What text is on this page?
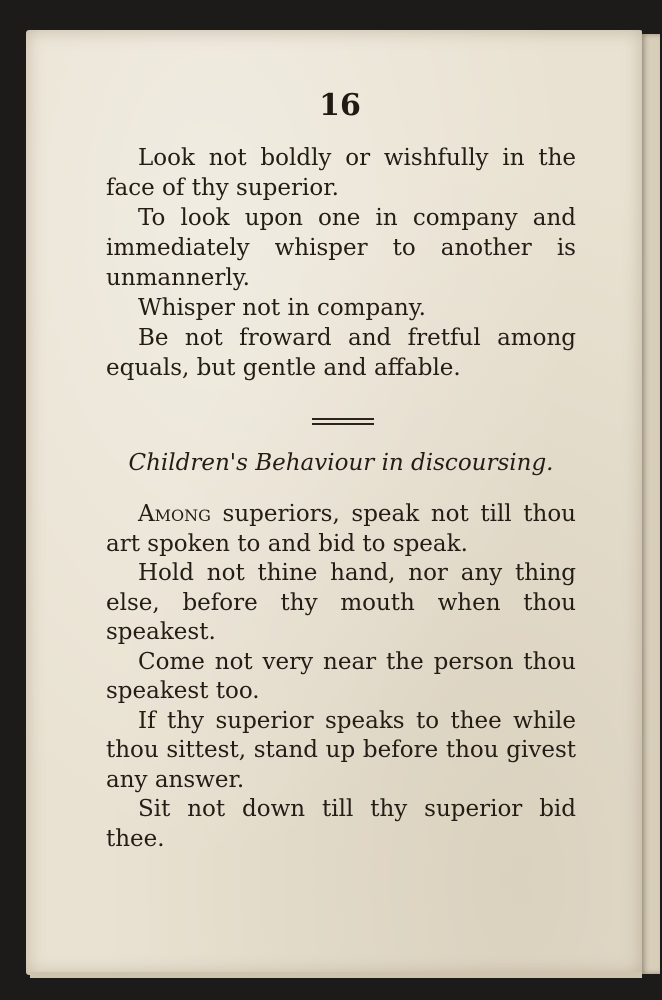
16

Look not boldly or wishfully in the face of thy superior.

To look upon one in company and immediately whisper to another is unmannerly.

Whisper not in company.

Be not froward and fretful among equals, but gentle and affable.

Children's Behaviour in discoursing.

Among superiors, speak not till thou art spoken to and bid to speak.

Hold not thine hand, nor any thing else, before thy mouth when thou speakest.

Come not very near the person thou speakest too.

If thy superior speaks to thee while thou sittest, stand up before thou givest any answer.

Sit not down till thy superior bid thee.
